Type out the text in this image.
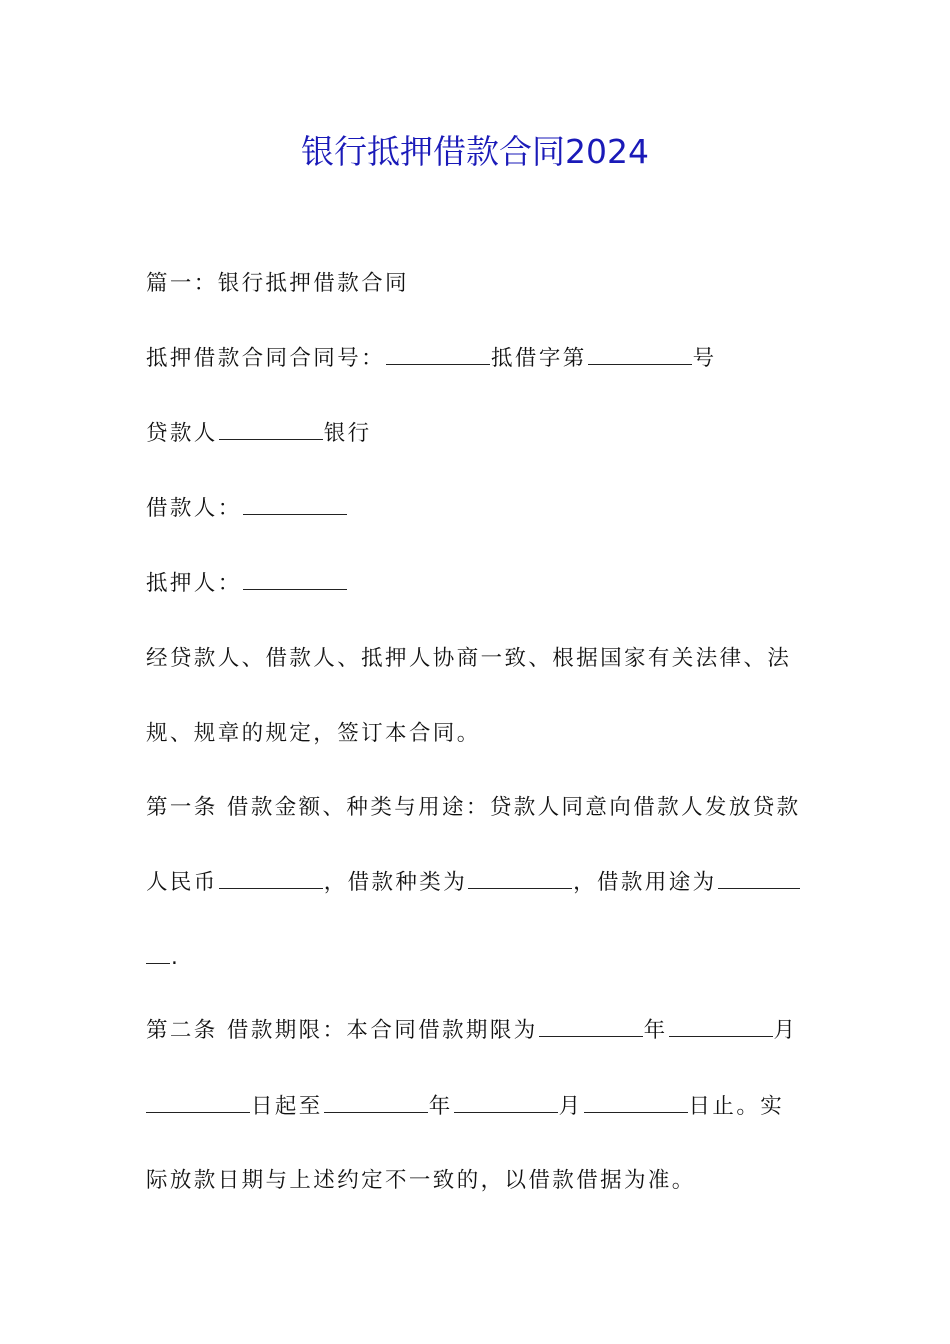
银行抵押借款合同2024
篇一：银行抵押借款合同
抵押借款合同合同号：	抵借字第	号
贷款人	银行
借款人：
抵押人：
经贷款人、借款人、抵押人协商一致、根据国家有关法律、法
规、规章的规定，签订本合同。
第一条 借款金额、种类与用途：贷款人同意向借款人发放贷款
人民币	，借款种类为	，借款用途为
.
第二条 借款期限：本合同借款期限为	年	月
日起至	年	月	日止。实
际放款日期与上述约定不一致的，以借款借据为准。
